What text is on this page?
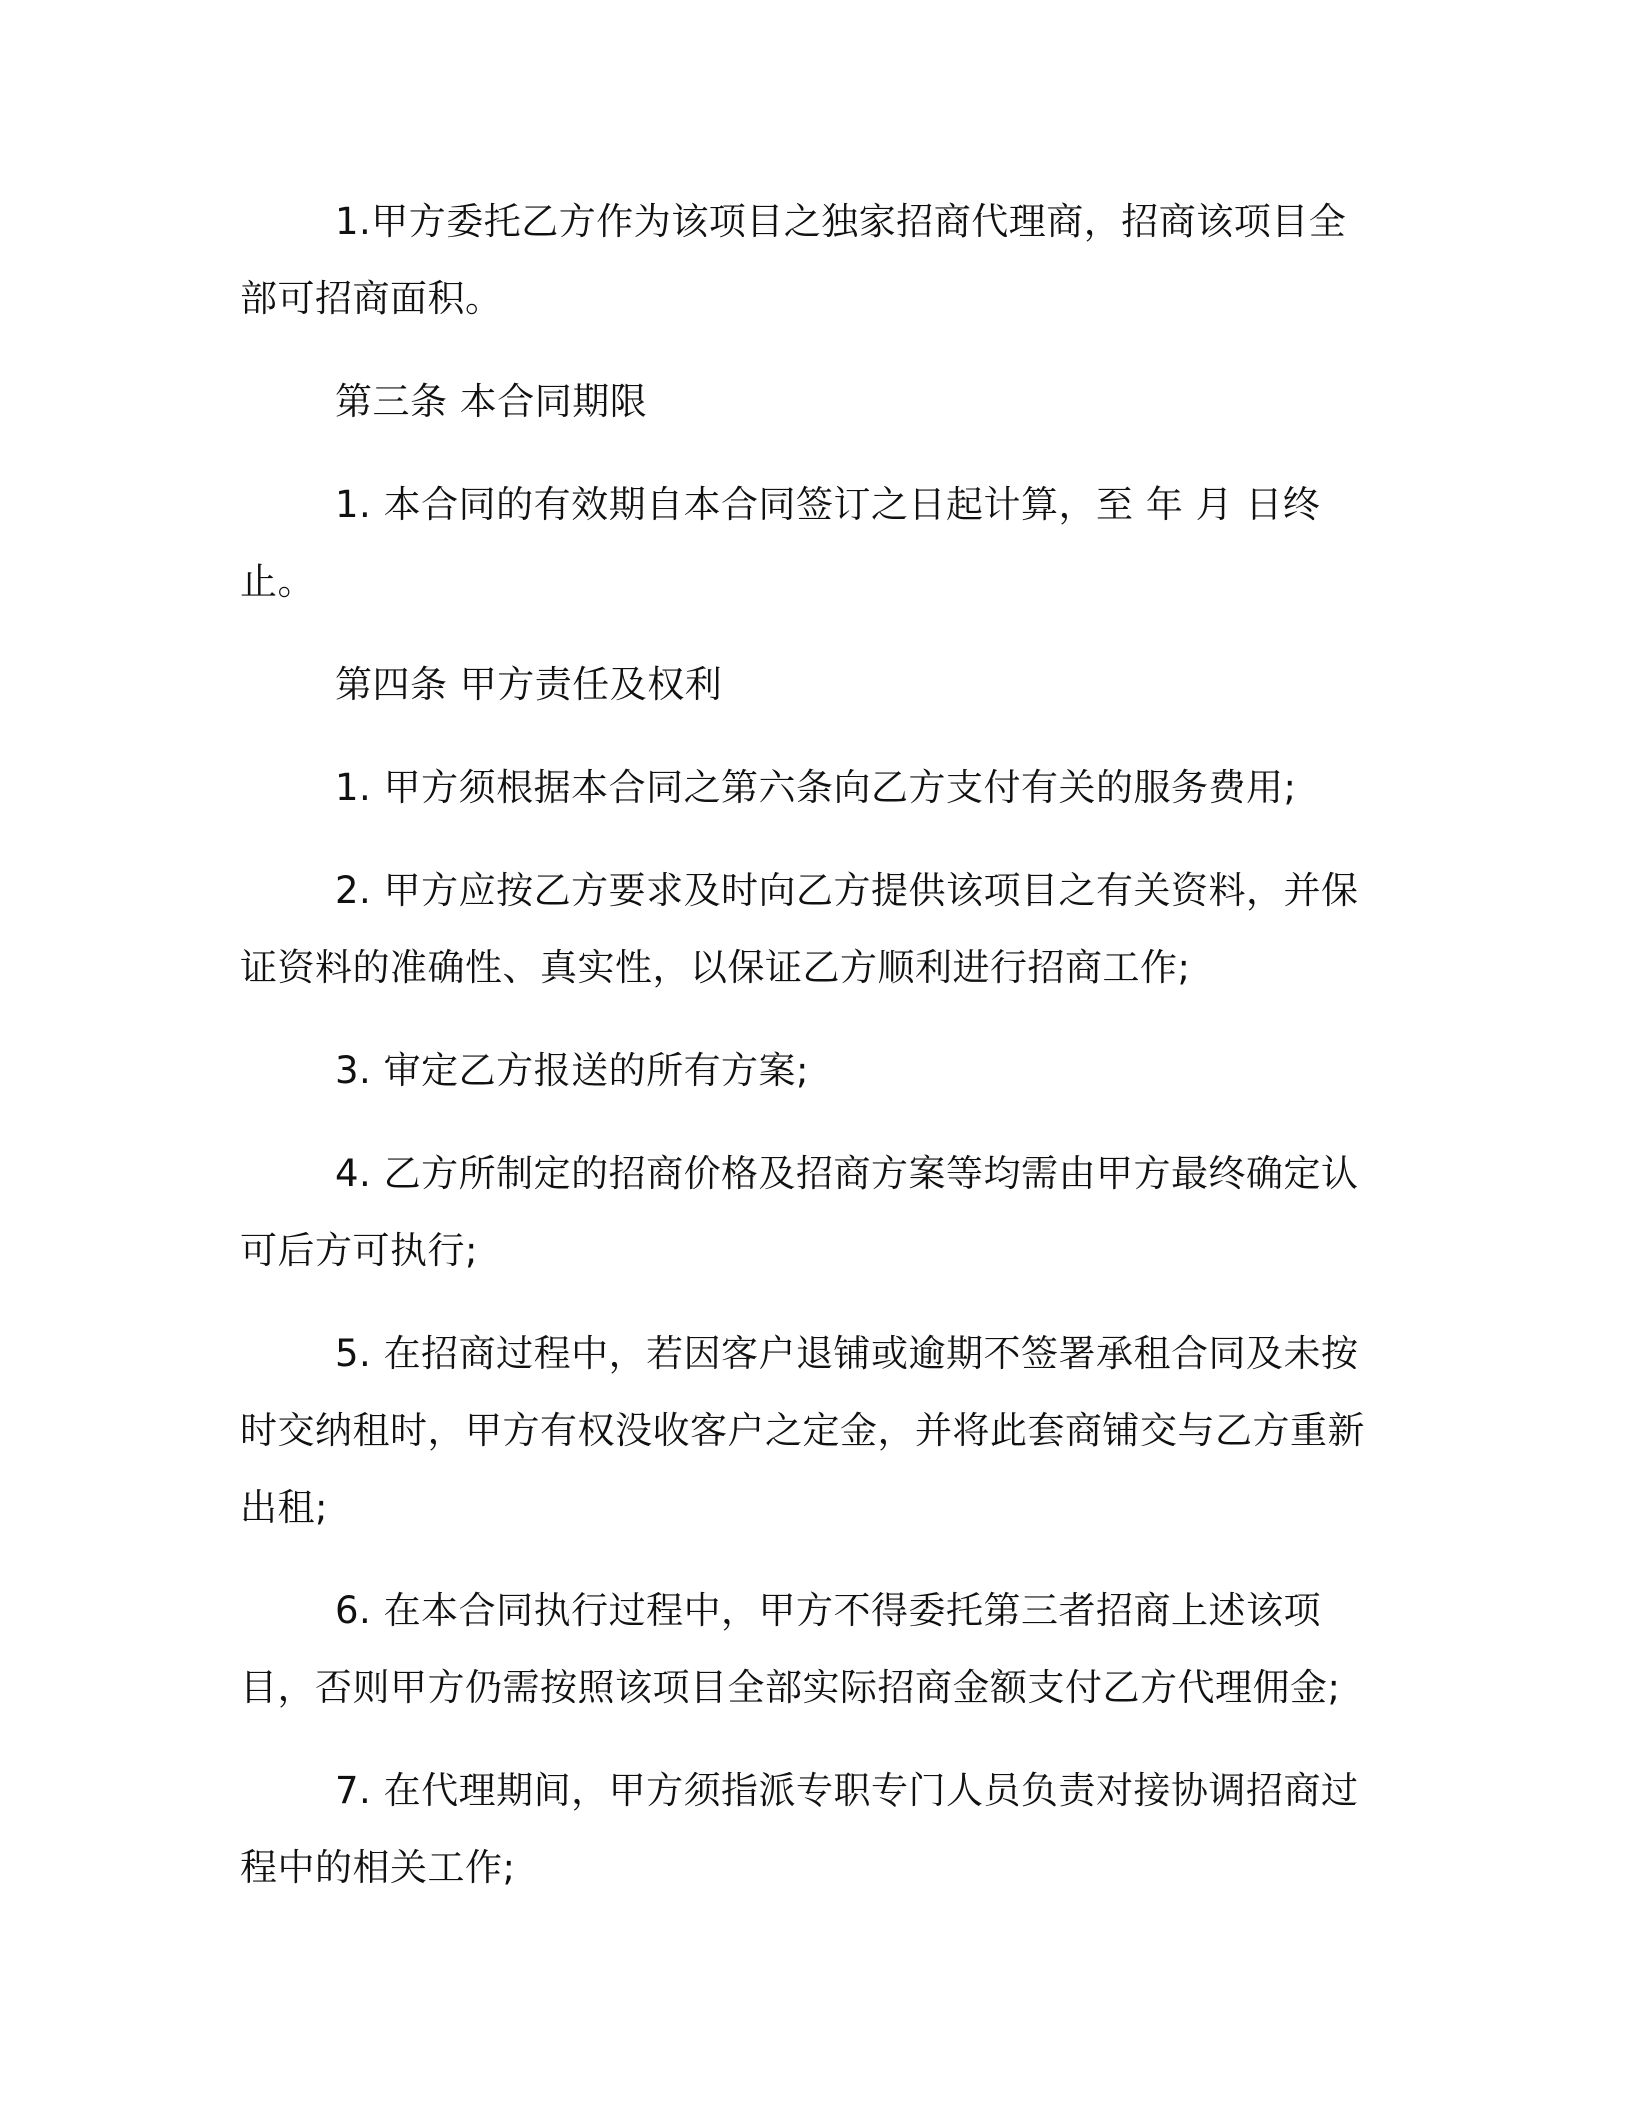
1.甲方委托乙方作为该项目之独家招商代理商，招商该项目全部可招商面积。

第三条 本合同期限

1. 本合同的有效期自本合同签订之日起计算，至 年 月 日终止。

第四条 甲方责任及权利

1. 甲方须根据本合同之第六条向乙方支付有关的服务费用;

2. 甲方应按乙方要求及时向乙方提供该项目之有关资料，并保证资料的准确性、真实性，以保证乙方顺利进行招商工作;

3. 审定乙方报送的所有方案;

4. 乙方所制定的招商价格及招商方案等均需由甲方最终确定认可后方可执行;

5. 在招商过程中，若因客户退铺或逾期不签署承租合同及未按时交纳租时，甲方有权没收客户之定金，并将此套商铺交与乙方重新出租;

6. 在本合同执行过程中，甲方不得委托第三者招商上述该项目，否则甲方仍需按照该项目全部实际招商金额支付乙方代理佣金;

7. 在代理期间，甲方须指派专职专门人员负责对接协调招商过程中的相关工作;
